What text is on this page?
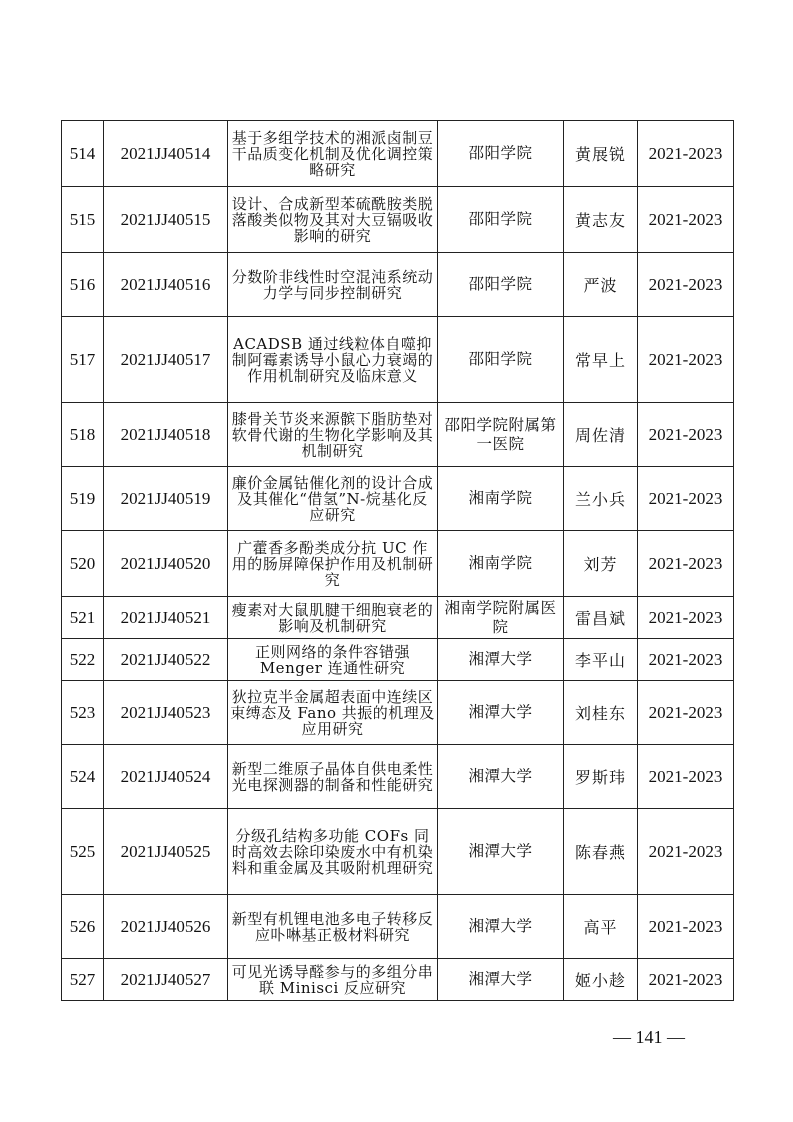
514	2021JJ40514	基于多组学技术的湘派卤制豆干品质变化机制及优化调控策略研究	邵阳学院	黄展锐	2021-2023
515	2021JJ40515	设计、合成新型苯硫酰胺类脱落酸类似物及其对大豆镉吸收影响的研究	邵阳学院	黄志友	2021-2023
516	2021JJ40516	分数阶非线性时空混沌系统动力学与同步控制研究	邵阳学院	严波	2021-2023
517	2021JJ40517	ACADSB 通过线粒体自噬抑制阿霉素诱导小鼠心力衰竭的作用机制研究及临床意义	邵阳学院	常早上	2021-2023
518	2021JJ40518	膝骨关节炎来源髌下脂肪垫对软骨代谢的生物化学影响及其机制研究	邵阳学院附属第一医院	周佐清	2021-2023
519	2021JJ40519	廉价金属钴催化剂的设计合成及其催化“借氢”N-烷基化反应研究	湘南学院	兰小兵	2021-2023
520	2021JJ40520	广藿香多酚类成分抗 UC 作用的肠屏障保护作用及机制研究	湘南学院	刘芳	2021-2023
521	2021JJ40521	瘦素对大鼠肌腱干细胞衰老的影响及机制研究	湘南学院附属医院	雷昌斌	2021-2023
522	2021JJ40522	正则网络的条件容错强 Menger 连通性研究	湘潭大学	李平山	2021-2023
523	2021JJ40523	狄拉克半金属超表面中连续区束缚态及 Fano 共振的机理及应用研究	湘潭大学	刘桂东	2021-2023
524	2021JJ40524	新型二维原子晶体自供电柔性光电探测器的制备和性能研究	湘潭大学	罗斯玮	2021-2023
525	2021JJ40525	分级孔结构多功能 COFs 同时高效去除印染废水中有机染料和重金属及其吸附机理研究	湘潭大学	陈春燕	2021-2023
526	2021JJ40526	新型有机锂电池多电子转移反应卟啉基正极材料研究	湘潭大学	高平	2021-2023
527	2021JJ40527	可见光诱导醛参与的多组分串联 Minisci 反应研究	湘潭大学	姬小趁	2021-2023
— 141 —
